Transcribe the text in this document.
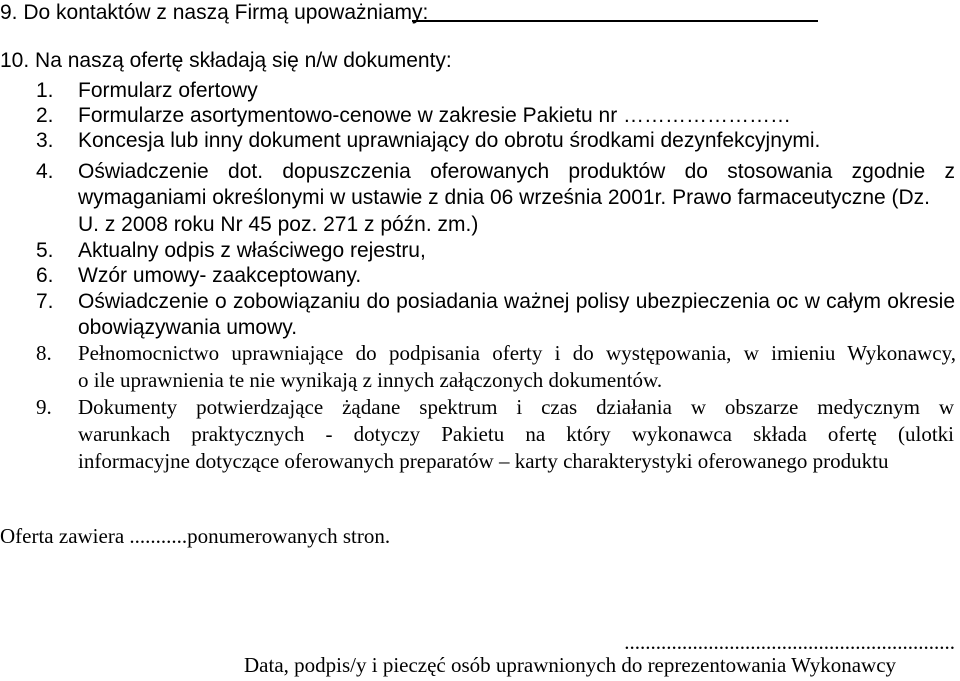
9. Do kontaktów z naszą Firmą upoważniamy:
10. Na naszą ofertę składają się n/w dokumenty:
1. Formularz ofertowy
2. Formularze asortymentowo-cenowe w zakresie Pakietu nr ……………………
3. Koncesja lub inny dokument uprawniający do obrotu środkami dezynfekcyjnymi.
4. Oświadczenie dot. dopuszczenia oferowanych produktów do stosowania zgodnie z
wymaganiami określonymi w ustawie z dnia 06 września 2001r. Prawo farmaceutyczne (Dz.
U. z 2008 roku Nr 45 poz. 271 z późn. zm.)
5. Aktualny odpis z właściwego rejestru,
6. Wzór umowy- zaakceptowany.
7. Oświadczenie o zobowiązaniu do posiadania ważnej polisy ubezpieczenia oc w całym okresie
obowiązywania umowy.
8. Pełnomocnictwo uprawniające do podpisania oferty i do występowania, w imieniu Wykonawcy,
o ile uprawnienia te nie wynikają z innych załączonych dokumentów.
9. Dokumenty potwierdzające żądane spektrum i czas działania w obszarze medycznym w
warunkach praktycznych - dotyczy Pakietu na który wykonawca składa ofertę (ulotki
informacyjne dotyczące oferowanych preparatów – karty charakterystyki oferowanego produktu
Oferta zawiera ...........ponumerowanych stron.
...............................................................
Data, podpis/y i pieczęć osób uprawnionych do reprezentowania Wykonawcy
